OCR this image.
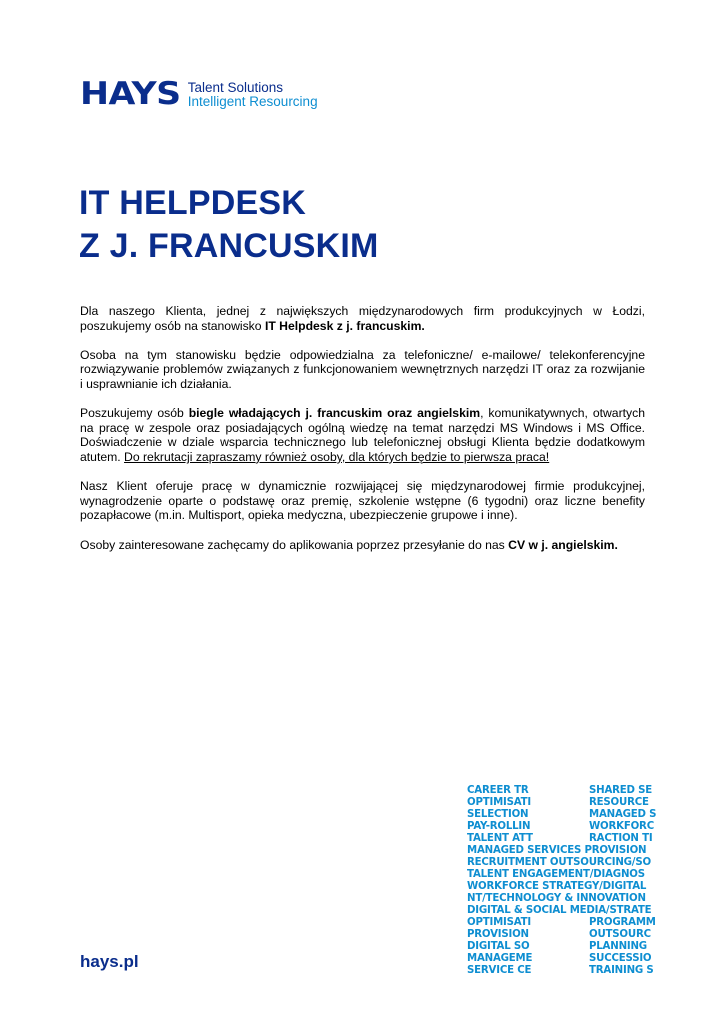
HAYS Talent Solutions
Intelligent Resourcing
IT HELPDESK
Z J. FRANCUSKIM

Dla naszego Klienta, jednej z największych międzynarodowych firm produkcyjnych w Łodzi, poszukujemy osób na stanowisko IT Helpdesk z j. francuskim.

Osoba na tym stanowisku będzie odpowiedzialna za telefoniczne/ e-mailowe/ telekonferencyjne rozwiązywanie problemów związanych z funkcjonowaniem wewnętrznych narzędzi IT oraz za rozwijanie i usprawnianie ich działania.

Poszukujemy osób biegle władających j. francuskim oraz angielskim, komunikatywnych, otwartych na pracę w zespole oraz posiadających ogólną wiedzę na temat narzędzi MS Windows i MS Office. Doświadczenie w dziale wsparcia technicznego lub telefonicznej obsługi Klienta będzie dodatkowym atutem. Do rekrutacji zapraszamy również osoby, dla których będzie to pierwsza praca!

Nasz Klient oferuje pracę w dynamicznie rozwijającej się międzynarodowej firmie produkcyjnej, wynagrodzenie oparte o podstawę oraz premię, szkolenie wstępne (6 tygodni) oraz liczne benefity pozapłacowe (m.in. Multisport, opieka medyczna, ubezpieczenie grupowe i inne).

Osoby zainteresowane zachęcamy do aplikowania poprzez przesyłanie do nas CV w j. angielskim.

hays.pl
CAREER TR	SHARED SE
OPTIMISATI	RESOURCE
SELECTION	MANAGED S
PAY-ROLLIN	WORKFORC
TALENT ATT	RACTION TI
MANAGED SERVICES PROVISION
RECRUITMENT OUTSOURCING/SO
TALENT ENGAGEMENT/DIAGNOS
WORKFORCE STRATEGY/DIGITAL
NT/TECHNOLOGY & INNOVATION
DIGITAL & SOCIAL MEDIA/STRATE
OPTIMISATI	PROGRAMM
PROVISION	OUTSOURC
DIGITAL SO	PLANNING
MANAGEME	SUCCESSIO
SERVICE CE	TRAINING S
